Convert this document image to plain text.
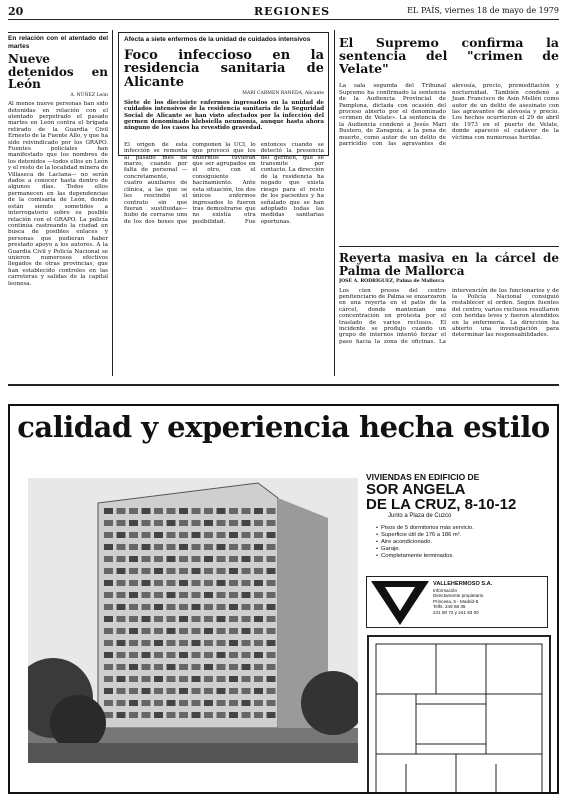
20	REGIONES	EL PAÍS, viernes 18 de mayo de 1979
En relación con el atentado del martes
Nueve detenidos en León
A. NÚÑEZ León
Al menos nueve personas han sido detenidas en relación con el atentado perpetrado el pasado martes en León contra el brigada retirado de la Guardia Civil Ernesto de la Fuente Allo, y que ha sido reivindicado por los GRAPO. Fuentes policiales han manifestado que los nombres de los detenidos —todos ellos en León y el resto de la localidad minera de Villaseca de Laciana— no serán dados a conocer hasta dentro de algunos días. Todos ellos permanecen en las dependencias de la comisaría de León, donde están siendo sometidos a interrogatorio sobre su posible relación con el GRAPO. La policía continúa rastreando la ciudad en busca de posibles enlaces y personas que pudieran haber prestado apoyo a los autores. A la Guardia Civil y Policía Nacional se unieron numerosos efectivos llegados de otras provincias, que han establecido controles en las carreteras y salidas de la capital leonesa.
Afecta a siete enfermos de la unidad de cuidados intensivos
Foco infeccioso en la residencia sanitaria de Alicante
MARI CARMEN RANEDA, Alicante
Siete de los diecisiete enfermos ingresados en la unidad de cuidados intensivos de la residencia sanitaria de la Seguridad Social de Alicante se han visto afectados por la infección del germen denominado klebsiella neumonía, aunque hasta ahora ninguno de los casos ha revestido gravedad.
El origen de esta infección se remonta al pasado mes de marzo, cuando por falta de personal —concretamente, cuatro auxiliares de clínica, a las que se les rescindió el contrato sin que fueran sustituidas— hubo de cerrarse uno de los dos boxes que componen la UCI, lo que provocó que los enfermos tuvieran que ser agrupados en el otro, con el consiguiente hacinamiento. Ante esta situación, los dos únicos enfermos ingresados lo fueron tras demostrarse que no existía otra posibilidad. Fue entonces cuando se detectó la presencia del germen, que se transmite por contacto. La dirección de la residencia ha negado que exista riesgo para el resto de los pacientes y ha señalado que se han adoptado todas las medidas sanitarias oportunas.
El Supremo confirma la sentencia del "crimen de Velate"
La sala segunda del Tribunal Supremo ha confirmado la sentencia de la Audiencia Provincial de Pamplona, dictada con ocasión del proceso abierto por el denominado «crimen de Velate». La sentencia de la Audiencia condenó a Jesús Mari Bustero, de Zaragoza, a la pena de muerte, como autor de un delito de parricidio con las agravantes de alevosía, precio, premeditación y nocturnidad. También condenó a Juan Francisco de Asín Mellén como autor de un delito de asesinato con las agravantes de alevosía y precio. Los hechos ocurrieron el 29 de abril de 1973 en el puerto de Velate, donde apareció el cadáver de la víctima con numerosas heridas.
Reyerta masiva en la cárcel de Palma de Mallorca
JOSÉ A. RODRÍGUEZ, Palma de Mallorca
Los cien presos del centro penitenciario de Palma se enzarzaron en una reyerta en el patio de la cárcel, donde mantenían una concentración en protesta por el traslado de varios reclusos. El incidente se produjo cuando un grupo de internos intentó forzar el paso hacia la zona de oficinas. La intervención de los funcionarios y de la Policía Nacional consiguió restablecer el orden. Según fuentes del centro, varios reclusos resultaron con heridas leves y fueron atendidos en la enfermería. La dirección ha abierto una investigación para determinar las responsabilidades.
calidad y experiencia hecha estilo
VIVIENDAS EN EDIFICIO DE
SOR ANGELA
DE LA CRUZ, 8-10-12
Junto a Plaza de Cuzco
• Pisos de 5 dormitorios más servicio.
• Superficie útil de 176 a 186 m².
• Aire acondicionado.
• Garaje.
• Completamente terminados.
VALLEHERMOSO S.A.
Información
Directamente propietario
Princesa, 5 - Madrid-8
Telfs. 248 68 35
241 80 72 y 241 93 00
